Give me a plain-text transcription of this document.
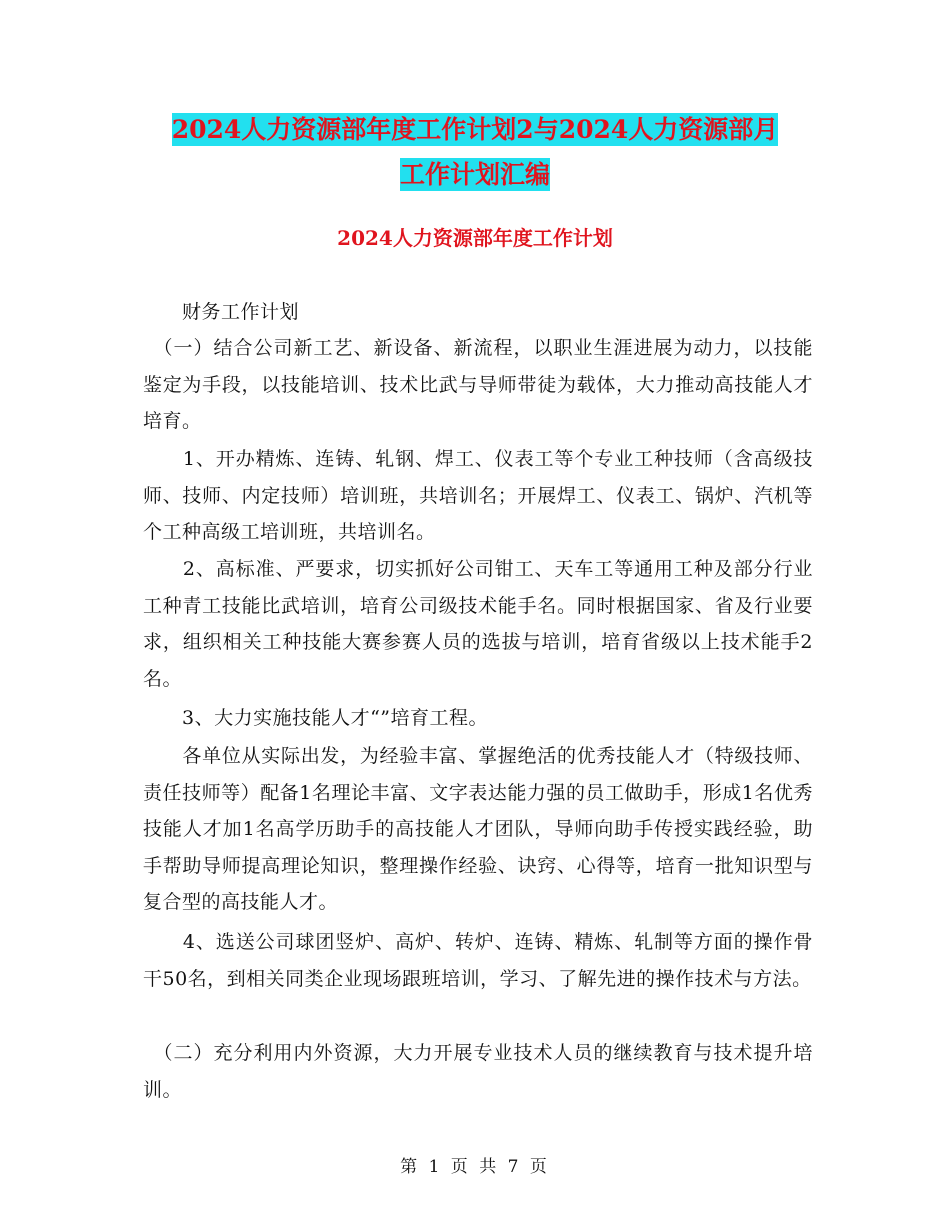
2024人力资源部年度工作计划2与2024人力资源部月
工作计划汇编
2024人力资源部年度工作计划

　　财务工作计划

　（一）结合公司新工艺、新设备、新流程，以职业生涯进展为动力，以技能鉴定为手段，以技能培训、技术比武与导师带徒为载体，大力推动高技能人才培育。

　　1、开办精炼、连铸、轧钢、焊工、仪表工等个专业工种技师（含高级技师、技师、内定技师）培训班，共培训名；开展焊工、仪表工、锅炉、汽机等个工种高级工培训班，共培训名。

　　2、高标准、严要求，切实抓好公司钳工、天车工等通用工种及部分行业工种青工技能比武培训，培育公司级技术能手名。同时根据国家、省及行业要求，组织相关工种技能大赛参赛人员的选拔与培训，培育省级以上技术能手2名。

　　3、大力实施技能人才“”培育工程。

　　各单位从实际出发，为经验丰富、掌握绝活的优秀技能人才（特级技师、责任技师等）配备1名理论丰富、文字表达能力强的员工做助手，形成1名优秀技能人才加1名高学历助手的高技能人才团队，导师向助手传授实践经验，助手帮助导师提高理论知识，整理操作经验、诀窍、心得等，培育一批知识型与复合型的高技能人才。

　　4、选送公司球团竖炉、高炉、转炉、连铸、精炼、轧制等方面的操作骨干50名，到相关同类企业现场跟班培训，学习、了解先进的操作技术与方法。

　（二）充分利用内外资源，大力开展专业技术人员的继续教育与技术提升培训。

第 1 页 共 7 页
